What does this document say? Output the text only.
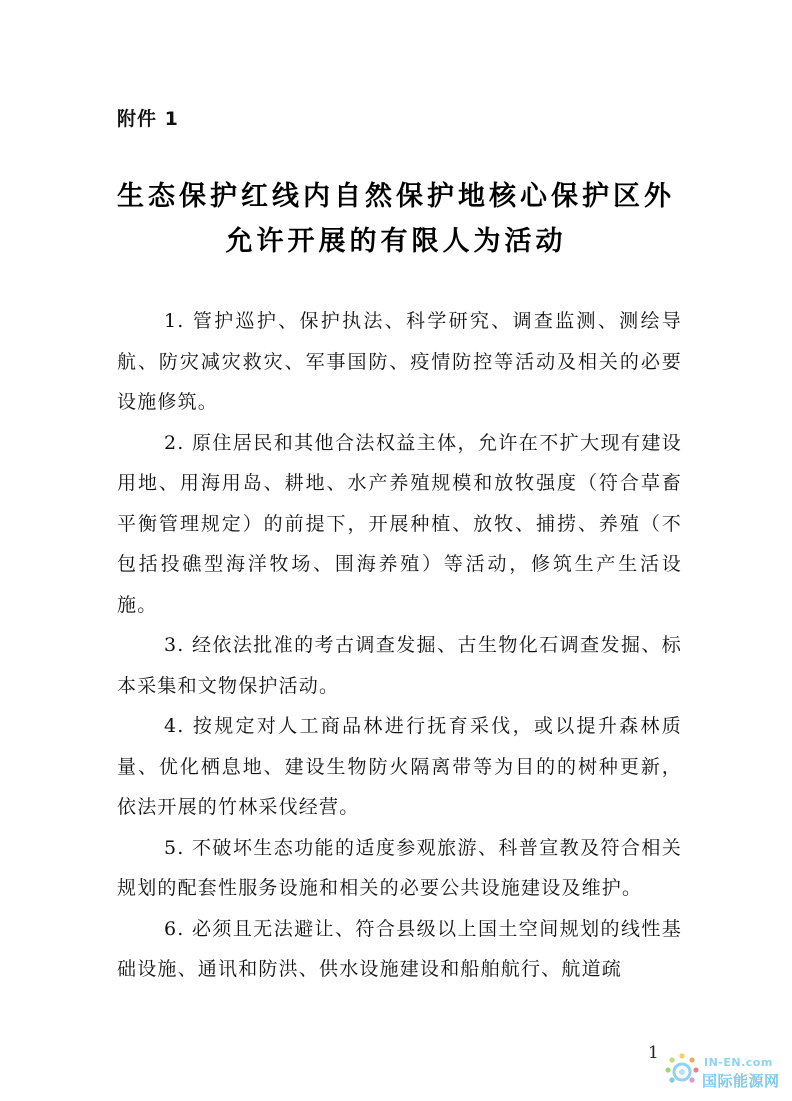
附件 1
生态保护红线内自然保护地核心保护区外
允许开展的有限人为活动

1. 管护巡护、保护执法、科学研究、调查监测、测绘导航、防灾减灾救灾、军事国防、疫情防控等活动及相关的必要设施修筑。

2. 原住居民和其他合法权益主体，允许在不扩大现有建设用地、用海用岛、耕地、水产养殖规模和放牧强度（符合草畜平衡管理规定）的前提下，开展种植、放牧、捕捞、养殖（不包括投礁型海洋牧场、围海养殖）等活动，修筑生产生活设施。

3. 经依法批准的考古调查发掘、古生物化石调查发掘、标本采集和文物保护活动。

4. 按规定对人工商品林进行抚育采伐，或以提升森林质量、优化栖息地、建设生物防火隔离带等为目的的树种更新，依法开展的竹林采伐经营。

5. 不破坏生态功能的适度参观旅游、科普宣教及符合相关规划的配套性服务设施和相关的必要公共设施建设及维护。

6. 必须且无法避让、符合县级以上国土空间规划的线性基础设施、通讯和防洪、供水设施建设和船舶航行、航道疏

1	IN-EN.com
国际能源网
